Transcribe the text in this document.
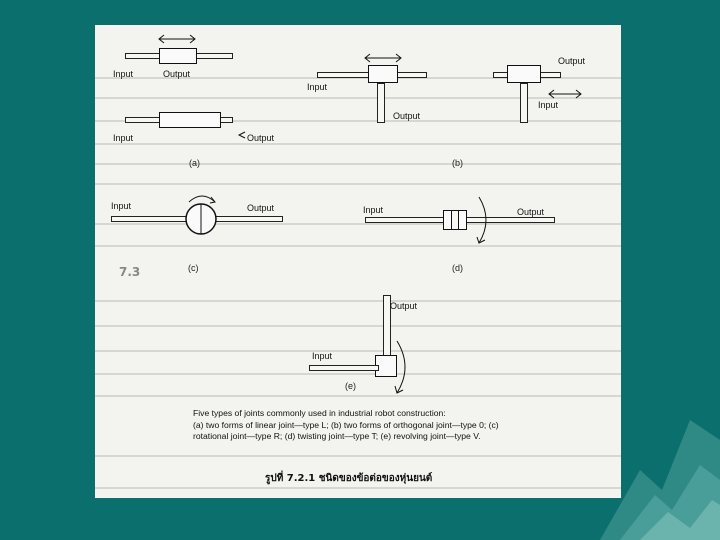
7.3
Input	Output
Input	Output
(a)
Input
Output
Output
Input
(b)
Input	Output
(c)
Input	Output
(d)
Output
Input
(e)
Five types of joints commonly used in industrial robot construction:
(a) two forms of linear joint—type L; (b) two forms of orthogonal joint—type 0; (c)
rotational joint—type R; (d) twisting joint—type T; (e) revolving joint—type V.
รูปที่ 7.2.1 ชนิดของข้อต่อของหุ่นยนต์
